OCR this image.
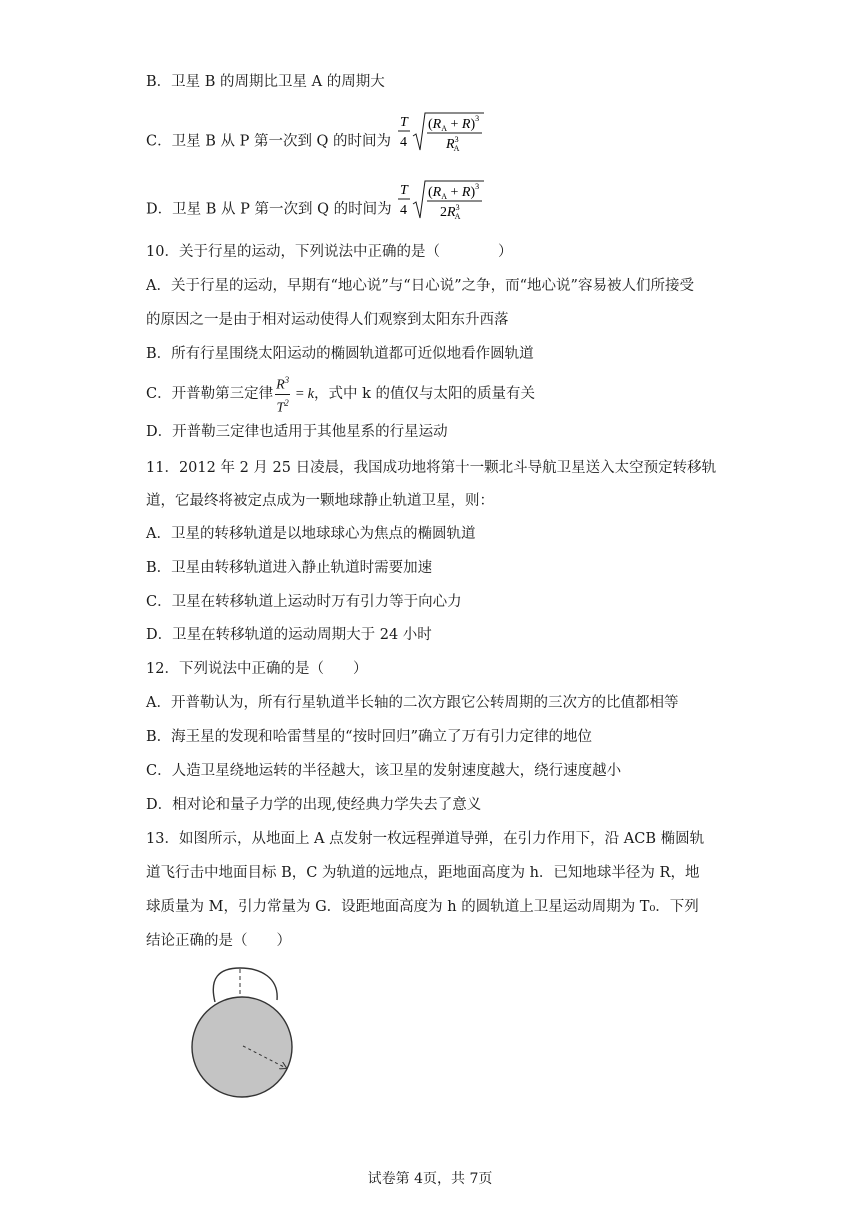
B．卫星 B 的周期比卫星 A 的周期大
C．卫星 B 从 P 第一次到 Q 的时间为
T
4
$(R_A + R)^3$
$R^3$ A
D．卫星 B 从 P 第一次到 Q 的时间为
T
4
$(R_A + R)^3$
$2R^3$ A
10．关于行星的运动，下列说法中正确的是（　　　　）
A．关于行星的运动，早期有“地心说”与“日心说”之争，而“地心说”容易被人们所接受
的原因之一是由于相对运动使得人们观察到太阳东升西落
B．所有行星围绕太阳运动的椭圆轨道都可近似地看作圆轨道
C．开普勒第三定律 $\frac{R^3}{T^2} = k$，式中 k 的值仅与太阳的质量有关
D．开普勒三定律也适用于其他星系的行星运动
11．2012 年 2 月 25 日凌晨，我国成功地将第十一颗北斗导航卫星送入太空预定转移轨
道，它最终将被定点成为一颗地球静止轨道卫星，则：
A．卫星的转移轨道是以地球球心为焦点的椭圆轨道
B．卫星由转移轨道进入静止轨道时需要加速
C．卫星在转移轨道上运动时万有引力等于向心力
D．卫星在转移轨道的运动周期大于 24 小时
12．下列说法中正确的是（　　）
A．开普勒认为，所有行星轨道半长轴的二次方跟它公转周期的三次方的比值都相等
B．海王星的发现和哈雷彗星的“按时回归”确立了万有引力定律的地位
C．人造卫星绕地运转的半径越大，该卫星的发射速度越大，绕行速度越小
D．相对论和量子力学的出现,使经典力学失去了意义
13．如图所示，从地面上 A 点发射一枚远程弹道导弹，在引力作用下，沿 ACB 椭圆轨
道飞行击中地面目标 B，C 为轨道的远地点，距地面高度为 h．已知地球半径为 R，地
球质量为 M，引力常量为 G．设距地面高度为 h 的圆轨道上卫星运动周期为 T₀．下列
结论正确的是（　　）
试卷第 4页，共 7页
